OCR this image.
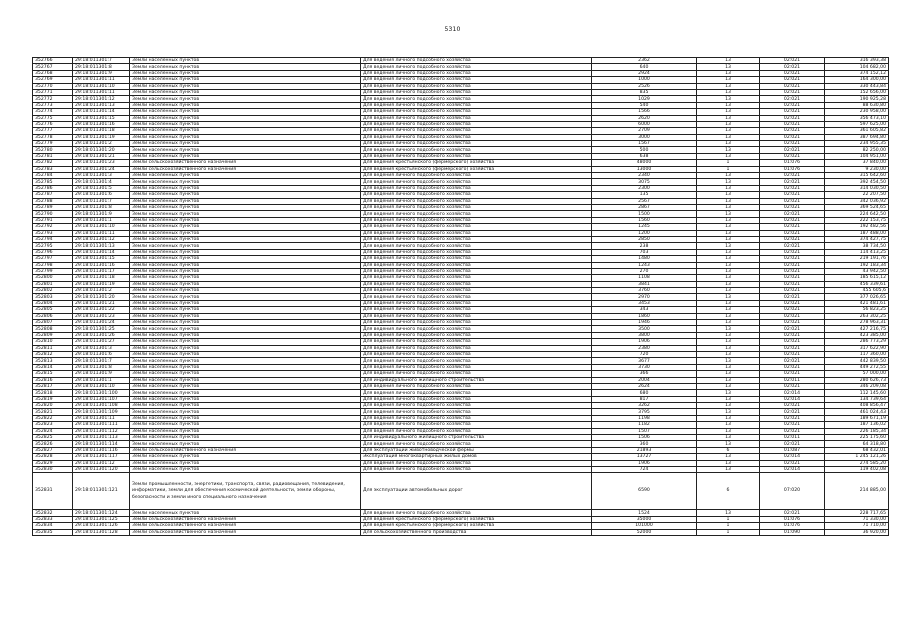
5310
352766	29:18:011301:7	Земли населенных пунктов	Для ведения личного подсобного хозяйства	2362	13	02:021	316 393,38
352767	29:18:011301:8	Земли населенных пунктов	Для ведения личного подсобного хозяйства	640	13	02:021	104 682,00
352768	29:18:011301:9	Земли населенных пунктов	Для ведения личного подсобного хозяйства	2924	13	02:021	374 152,12
352769	29:18:011301:11	Земли населенных пунктов	Для ведения личного подсобного хозяйства	1000	13	02:021	164 300,00
352770	29:18:011301:10	Земли населенных пунктов	Для ведения личного подсобного хозяйства	2526	13	02:021	330 443,84
352771	29:18:011301:11	Земли населенных пунктов	Для ведения личного подсобного хозяйства	835	13	02:021	152 656,00
352772	29:18:011301:12	Земли населенных пунктов	Для ведения личного подсобного хозяйства	1029	13	02:021	190 925,28
352773	29:18:011301:13	Земли населенных пунктов	Для ведения личного подсобного хозяйства	540	13	02:021	88 630,80
352774	29:18:011301:14	Земли населенных пунктов	Для ведения личного подсобного хозяйства	1566	13	02:021	230 958,00
352775	29:18:011301:15	Земли населенных пунктов	Для ведения личного подсобного хозяйства	2620	13	02:021	356 473,10
352776	29:18:011301:16	Земли населенных пунктов	Для ведения личного подсобного хозяйства	6000	13	02:021	597 625,00
352777	29:18:011301:18	Земли населенных пунктов	Для ведения личного подсобного хозяйства	2709	13	02:021	361 605,82
352778	29:18:011301:19	Земли населенных пунктов	Для ведения личного подсобного хозяйства	3000	13	02:021	387 694,80
352779	29:18:011301:2	Земли населенных пунктов	Для ведения личного подсобного хозяйства	1567	13	02:021	234 955,35
352780	29:18:011301:20	Земли населенных пунктов	Для ведения личного подсобного хозяйства	500	13	02:021	82 250,00
352781	29:18:011301:21	Земли населенных пунктов	Для ведения личного подсобного хозяйства	638	13	02:021	104 951,00
352782	29:18:011301:23	Земли сельскохозяйственного назначения	Для ведения крестьянского (фермерского) хозяйства	48000	1	01:076	37 840,00
352783	29:18:011301:24	Земли сельскохозяйственного назначения	Для ведения крестьянского (фермерского) хозяйства	13000	1	01:076	9 230,00
352784	29:18:011301:3	Земли населенных пунктов	Для ведения личного подсобного хозяйства	2340	13	02:021	315 642,60
352785	29:18:011301:4	Земли населенных пунктов	Для ведения личного подсобного хозяйства	3075	13	02:021	392 454,50
352786	29:18:011301:5	Земли населенных пунктов	Для ведения личного подсобного хозяйства	2300	13	02:021	314 030,50
352787	29:18:011301:6	Земли населенных пунктов	Для ведения личного подсобного хозяйства	135	13	02:021	22 207,50
352788	29:18:011301:7	Земли населенных пунктов	Для ведения личного подсобного хозяйства	2567	13	02:021	342 036,92
352789	29:18:011301:8	Земли населенных пунктов	Для ведения личного подсобного хозяйства	2867	13	02:021	369 524,65
352790	29:18:011301:9	Земли населенных пунктов	Для ведения личного подсобного хозяйства	1500	13	02:021	224 642,50
352791	29:18:011301:1	Земли населенных пунктов	Для ведения личного подсобного хозяйства	1560	13	02:021	222 153,75
352792	29:18:011301:10	Земли населенных пунктов	Для ведения личного подсобного хозяйства	1245	13	02:021	192 482,56
352793	29:18:011301:11	Земли населенных пунктов	Для ведения личного подсобного хозяйства	1200	13	02:021	187 488,00
352794	29:18:011301:12	Земли населенных пунктов	Для ведения личного подсобного хозяйства	2850	13	02:021	374 427,75
352795	29:18:011301:13	Земли населенных пунктов	Для ведения личного подсобного хозяйства	238	13	02:021	38 734,50
352796	29:18:011301:14	Земли населенных пунктов	Для ведения личного подсобного хозяйства	703	13	02:021	114 413,25
352797	29:18:011301:15	Земли населенных пунктов	Для ведения личного подсобного хозяйства	1480	13	02:021	219 191,76
352798	29:18:011301:16	Земли населенных пунктов	Для ведения личного подсобного хозяйства	1243	13	02:021	192 183,34
352799	29:18:011301:17	Земли населенных пунктов	Для ведения личного подсобного хозяйства	270	13	02:021	43 942,50
352800	29:18:011301:18	Земли населенных пунктов	Для ведения личного подсобного хозяйства	1108	13	02:021	185 615,12
352801	29:18:011301:19	Земли населенных пунктов	Для ведения личного подсобного хозяйства	3841	13	02:021	456 339,61
352802	29:18:011301:2	Земли населенных пунктов	Для ведения личного подсобного хозяйства	3760	13	02:021	455 605,6
352803	29:18:011301:20	Земли населенных пунктов	Для ведения личного подсобного хозяйства	2970	13	02:021	377 026,65
352804	29:18:011301:21	Земли населенных пунктов	Для ведения личного подсобного хозяйства	3453	13	02:021	421 481,61
352805	29:18:011301:22	Земли населенных пунктов	Для ведения личного подсобного хозяйства	343	13	02:021	56 823,25
352806	29:18:011301:23	Земли населенных пунктов	Для ведения личного подсобного хозяйства	1860	13	02:021	263 302,25
352807	29:18:011301:24	Земли населенных пунктов	Для ведения личного подсобного хозяйства	1946	13	02:021	278 963,31
352808	29:18:011301:25	Земли населенных пунктов	Для ведения личного подсобного хозяйства	3500	13	02:021	427 216,75
352809	29:18:011301:26	Земли населенных пунктов	Для ведения личного подсобного хозяйства	3800	13	02:021	423 385,00
352810	29:18:011301:27	Земли населенных пунктов	Для ведения личного подсобного хозяйства	1906	13	02:021	286 773,29
352811	29:18:011301:3	Земли населенных пунктов	Для ведения личного подсобного хозяйства	2380	13	02:021	317 622,90
352812	29:18:011301:6	Земли населенных пунктов	Для ведения личного подсобного хозяйства	720	13	02:021	117 360,00
352813	29:18:011301:7	Земли населенных пунктов	Для ведения личного подсобного хозяйства	3677	13	02:021	442 839,50
352814	29:18:011301:8	Земли населенных пунктов	Для ведения личного подсобного хозяйства	3730	13	02:021	449 272,55
352815	29:18:011301:9	Земли населенных пунктов	Для ведения личного подсобного хозяйства	366	13	02:021	57 000,00
352816	29:18:011301:1	Земли населенных пунктов	Для индивидуального жилищного строительства	2004	13	02:011	280 626,73
352817	29:18:011301:10	Земли населенных пунктов	Для ведения личного подсобного хозяйства	2624	13	02:021	346 209,08
352818	29:18:011301:100	Земли населенных пунктов	Для ведения личного подсобного хозяйства	680	13	02:014	112 145,60
352819	29:18:011301:107	Земли населенных пунктов	Для ведения личного подсобного хозяйства	817	13	02:014	134 739,64
352820	29:18:011301:108	Земли населенных пунктов	Для ведения личного подсобного хозяйства	3262	13	02:021	408 856,47
352821	29:18:011301:109	Земли населенных пунктов	Для ведения личного подсобного хозяйства	3795	13	02:021	461 024,43
352822	29:18:011301:11	Земли населенных пунктов	Для ведения личного подсобного хозяйства	1198	13	02:021	189 671,19
352823	29:18:011301:111	Земли населенных пунктов	Для ведения личного подсобного хозяйства	1182	13	02:021	187 136,02
352824	29:18:011301:112	Земли населенных пунктов	Для ведения личного подсобного хозяйства	1507	13	02:021	226 185,34
352825	29:18:011301:113	Земли населенных пунктов	Для индивидуального жилищного строительства	1506	13	02:011	225 175,60
352826	29:18:011301:114	Земли населенных пунктов	Для ведения личного подсобного хозяйства	360	13	02:021	64 318,80
352827	29:18:011301:116	Земли сельскохозяйственного назначения	Для эксплуатации животноводческой фермы	21893	6	01:087	68 432,01
352828	29:18:011301:117	Земли населенных пунктов	Эксплуатация многоквартирных жилых домов	13727	13	02:014	1 245 121,26
352829	29:18:011301:12	Земли населенных пунктов	Для ведения личного подсобного хозяйства	1906	13	02:021	274 585,20
352830	29:18:011301:120	Земли населенных пунктов	Для ведения личного подсобного хозяйства	724	13	02:014	119 402,08
352831	29:18:011301:121	Земли промышленности, энергетики, транспорта, связи, радиовещания, телевидения, информатики, земли для обеспечения космической деятельности, земли обороны, безопасности и земли иного специального назначения	Для эксплуатации автомобильных дорог	6590	6	07:020	214 885,00
352832	29:18:011301:124	Земли населенных пунктов	Для ведения личного подсобного хозяйства	1524	13	02:021	228 717,65
352833	29:18:011301:125	Земли сельскохозяйственного назначения	Для ведения крестьянского (фермерского) хозяйства	35000	1	01:076	71 330,00
352834	29:18:011301:126	Земли сельскохозяйственного назначения	Для ведения крестьянского (фермерского) хозяйства	101000	1	01:076	71 710,00
352835	29:18:011301:128	Земли сельскохозяйственного назначения	Для сельскохозяйственного производства	52000	1	01:090	36 920,00
